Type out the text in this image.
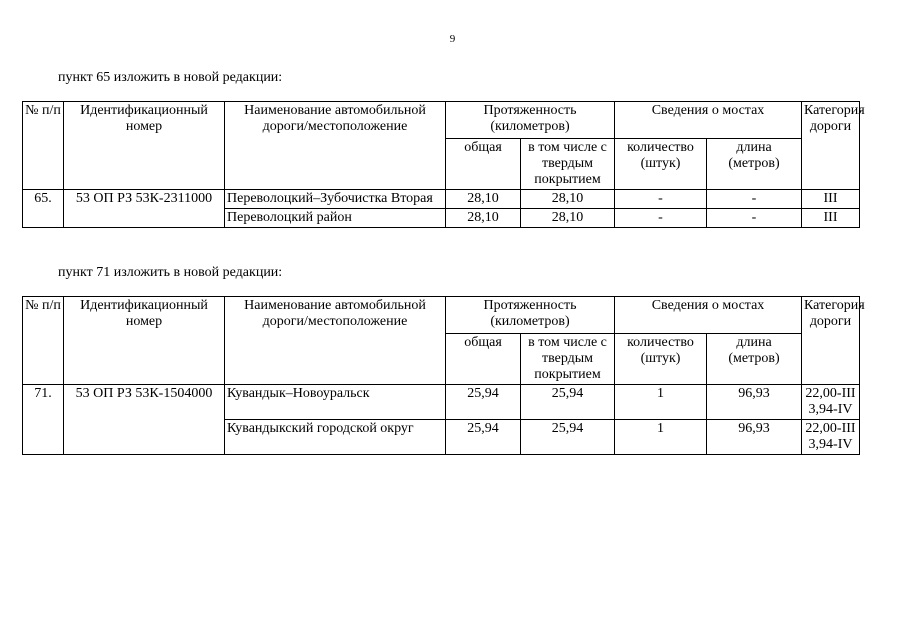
9
пункт 65 изложить в новой редакции:
№ п/п	Идентификационный номер	Наименование автомобильной дороги/местоположение	Протяженность (километров)		Сведения о мостах		Категория дороги
			общая	в том числе с твердым покрытием	количество (штук)	длина (метров)	
65.	53 ОП РЗ 53К-2311000	Переволоцкий–Зубочистка Вторая	28,10	28,10	-	-	III
		Переволоцкий район	28,10	28,10	-	-	III
пункт 71 изложить в новой редакции:
№ п/п	Идентификационный номер	Наименование автомобильной дороги/местоположение	Протяженность (километров)		Сведения о мостах		Категория дороги
			общая	в том числе с твердым покрытием	количество (штук)	длина (метров)	
71.	53 ОП РЗ 53К-1504000	Кувандык–Новоуральск	25,94	25,94	1	96,93	22,00-III
3,94-IV
		Кувандыкский городской округ	25,94	25,94	1	96,93	22,00-III
3,94-IV
